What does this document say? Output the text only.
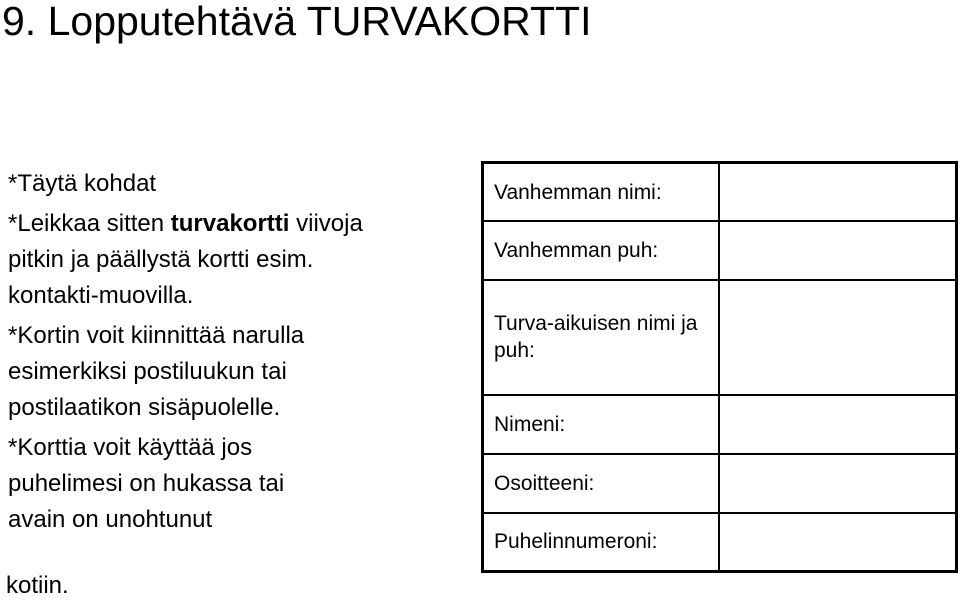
9. Lopputehtävä TURVAKORTTI
*Täytä kohdat
*Leikkaa sitten turvakortti viivoja
pitkin ja päällystä kortti esim.
kontakti-muovilla.
*Kortin voit kiinnittää narulla
esimerkiksi postiluukun tai
postilaatikon sisäpuolelle.
*Korttia voit käyttää jos
puhelimesi on hukassa tai
avain on unohtunut
kotiin.
Vanhemman nimi:	
Vanhemman puh:	
Turva-aikuisen nimi ja puh:	
Nimeni:	
Osoitteeni:	
Puhelinnumeroni:	
